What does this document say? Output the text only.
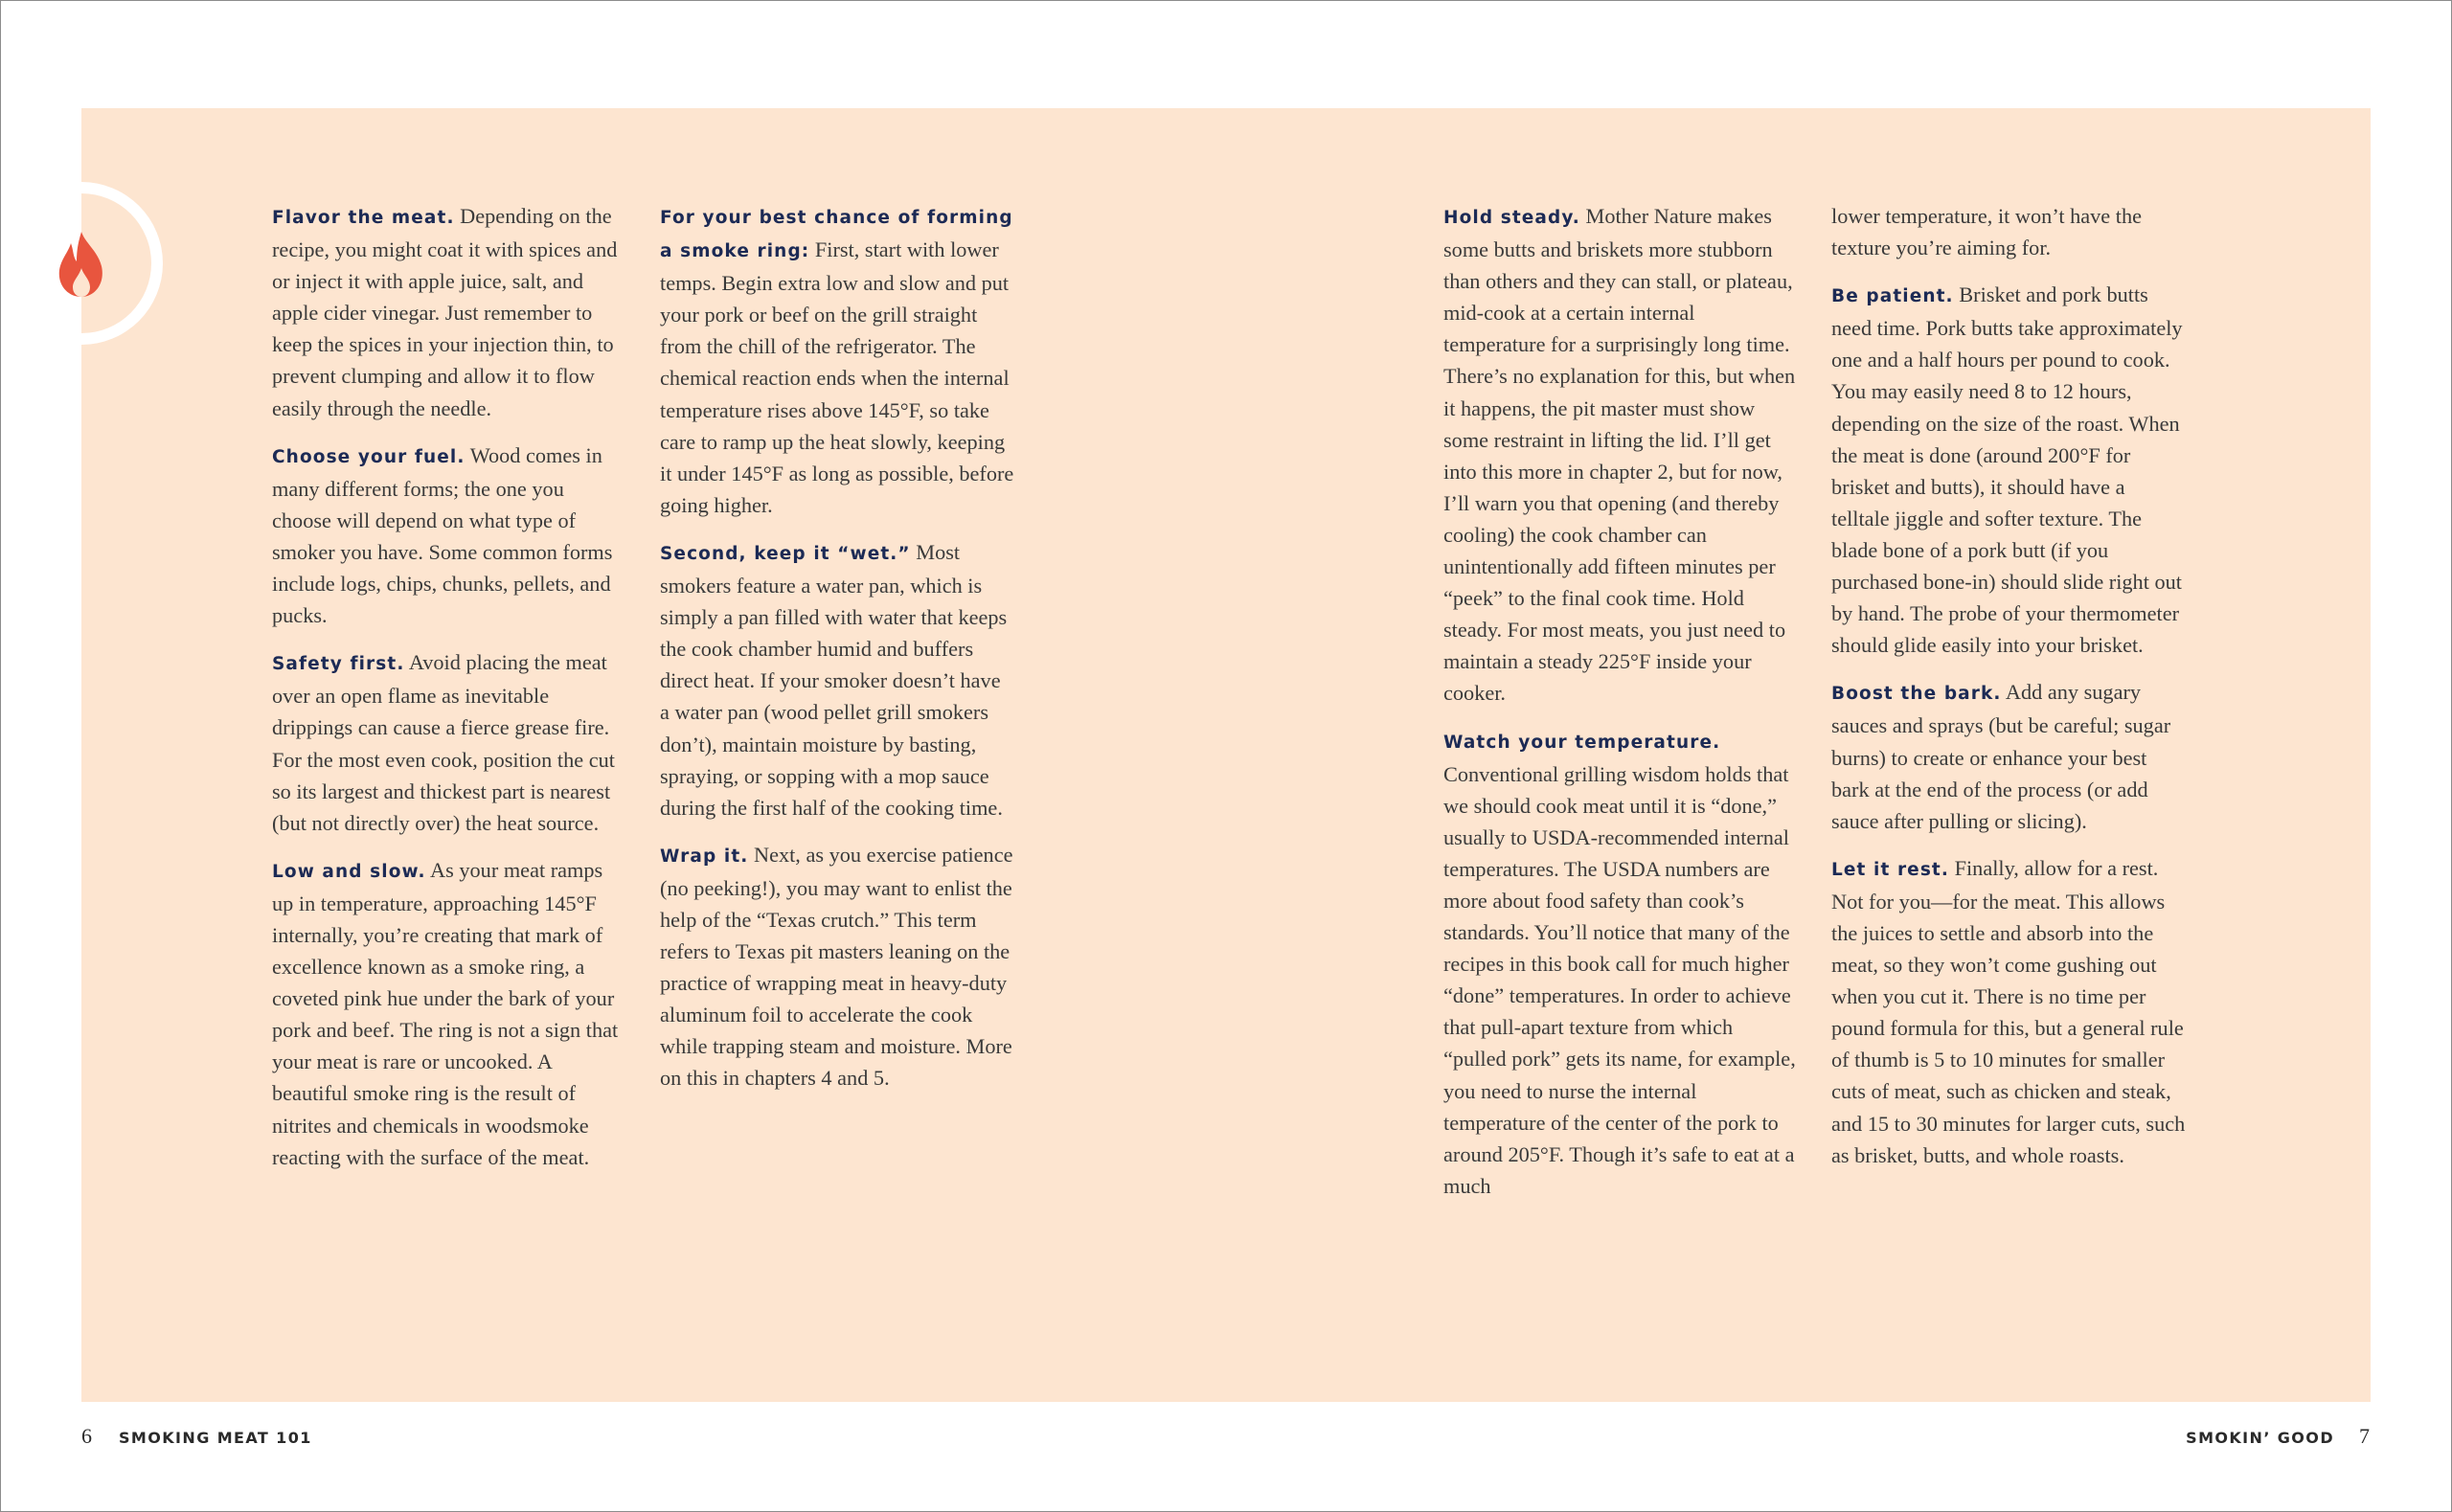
Flavor the meat. Depending on the recipe, you might coat it with spices and or inject it with apple juice, salt, and apple cider vinegar. Just remember to keep the spices in your injection thin, to prevent clumping and allow it to flow easily through the needle.

Choose your fuel. Wood comes in many different forms; the one you choose will depend on what type of smoker you have. Some common forms include logs, chips, chunks, pellets, and pucks.

Safety first. Avoid placing the meat over an open flame as inevitable drippings can cause a fierce grease fire. For the most even cook, position the cut so its largest and thickest part is nearest (but not directly over) the heat source.

Low and slow. As your meat ramps up in temperature, approaching 145°F internally, you’re creating that mark of excellence known as a smoke ring, a coveted pink hue under the bark of your pork and beef. The ring is not a sign that your meat is rare or uncooked. A beautiful smoke ring is the result of nitrites and chemicals in woodsmoke reacting with the surface of the meat.

For your best chance of forming a smoke ring: First, start with lower temps. Begin extra low and slow and put your pork or beef on the grill straight from the chill of the refrigerator. The chemical reaction ends when the internal temperature rises above 145°F, so take care to ramp up the heat slowly, keeping it under 145°F as long as possible, before going higher.

Second, keep it “wet.” Most smokers feature a water pan, which is simply a pan filled with water that keeps the cook chamber humid and buffers direct heat. If your smoker doesn’t have a water pan (wood pellet grill smokers don’t), maintain moisture by basting, spraying, or sopping with a mop sauce during the first half of the cooking time.

Wrap it. Next, as you exercise patience (no peeking!), you may want to enlist the help of the “Texas crutch.” This term refers to Texas pit masters leaning on the practice of wrapping meat in heavy-duty aluminum foil to accelerate the cook while trapping steam and moisture. More on this in chapters 4 and 5.

Hold steady. Mother Nature makes some butts and briskets more stubborn than others and they can stall, or plateau, mid-cook at a certain internal temperature for a surprisingly long time. There’s no explanation for this, but when it happens, the pit master must show some restraint in lifting the lid. I’ll get into this more in chapter 2, but for now, I’ll warn you that opening (and thereby cooling) the cook chamber can unintentionally add fifteen minutes per “peek” to the final cook time. Hold steady. For most meats, you just need to maintain a steady 225°F inside your cooker.

Watch your temperature. Conventional grilling wisdom holds that we should cook meat until it is “done,” usually to USDA-recommended internal temperatures. The USDA numbers are more about food safety than cook’s standards. You’ll notice that many of the recipes in this book call for much higher “done” temperatures. In order to achieve that pull-apart texture from which “pulled pork” gets its name, for example, you need to nurse the internal temperature of the center of the pork to around 205°F. Though it’s safe to eat at a much

lower temperature, it won’t have the texture you’re aiming for.

Be patient. Brisket and pork butts need time. Pork butts take approximately one and a half hours per pound to cook. You may easily need 8 to 12 hours, depending on the size of the roast. When the meat is done (around 200°F for brisket and butts), it should have a telltale jiggle and softer texture. The blade bone of a pork butt (if you purchased bone-in) should slide right out by hand. The probe of your thermometer should glide easily into your brisket.

Boost the bark. Add any sugary sauces and sprays (but be careful; sugar burns) to create or enhance your best bark at the end of the process (or add sauce after pulling or slicing).

Let it rest. Finally, allow for a rest. Not for you—for the meat. This allows the juices to settle and absorb into the meat, so they won’t come gushing out when you cut it. There is no time per pound formula for this, but a general rule of thumb is 5 to 10 minutes for smaller cuts of meat, such as chicken and steak, and 15 to 30 minutes for larger cuts, such as brisket, butts, and whole roasts.

6 SMOKING MEAT 101	SMOKIN’ GOOD 7
